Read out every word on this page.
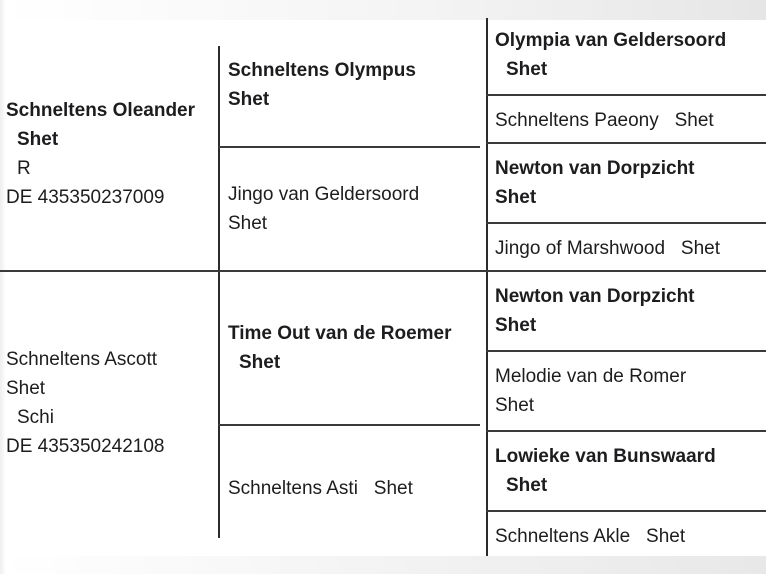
Schneltens Oleander
Shet
R
DE 435350237009
Schneltens Ascott
Shet
Schi
DE 435350242108
Schneltens Olympus
Shet
Jingo van Geldersoord
Shet
Time Out van de Roemer
Shet
Schneltens Asti Shet
Olympia van Geldersoord
Shet
Schneltens Paeony Shet
Newton van Dorpzicht
Shet
Jingo of Marshwood Shet
Newton van Dorpzicht
Shet
Melodie van de Romer
Shet
Lowieke van Bunswaard
Shet
Schneltens Akle Shet
